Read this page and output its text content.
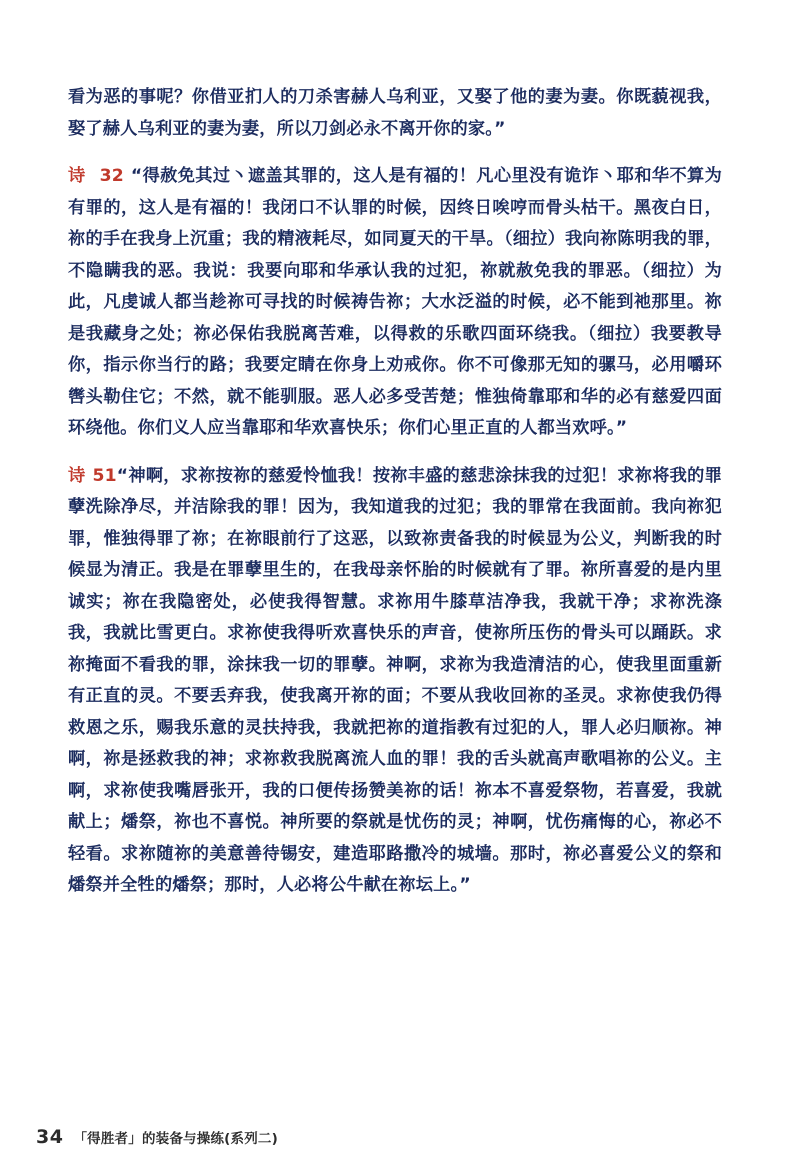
看为恶的事呢？你借亚扪人的刀杀害赫人乌利亚，又娶了他的妻为妻。你既藐视我，娶了赫人乌利亚的妻为妻，所以刀剑必永不离开你的家。”

诗 32 “得赦免其过丶遮盖其罪的，这人是有福的！凡心里没有诡诈丶耶和华不算为有罪的，这人是有福的！我闭口不认罪的时候，因终日唉哼而骨头枯干。黑夜白日，祢的手在我身上沉重；我的精液耗尽，如同夏天的干旱。（细拉）我向祢陈明我的罪，不隐瞒我的恶。我说：我要向耶和华承认我的过犯，祢就赦免我的罪恶。（细拉）为此，凡虔诚人都当趁祢可寻找的时候祷告祢；大水泛溢的时候，必不能到祂那里。祢是我藏身之处；祢必保佑我脱离苦难，以得救的乐歌四面环绕我。（细拉）我要教导你，指示你当行的路；我要定睛在你身上劝戒你。你不可像那无知的骡马，必用嚼环辔头勒住它；不然，就不能驯服。恶人必多受苦楚；惟独倚靠耶和华的必有慈爱四面环绕他。你们义人应当靠耶和华欢喜快乐；你们心里正直的人都当欢呼。”

诗 51“神啊，求祢按祢的慈爱怜恤我！按祢丰盛的慈悲涂抹我的过犯！求祢将我的罪孽洗除净尽，并洁除我的罪！因为，我知道我的过犯；我的罪常在我面前。我向祢犯罪，惟独得罪了祢；在祢眼前行了这恶，以致祢责备我的时候显为公义，判断我的时候显为清正。我是在罪孽里生的，在我母亲怀胎的时候就有了罪。祢所喜爱的是内里诚实；祢在我隐密处，必使我得智慧。求祢用牛膝草洁净我，我就干净；求祢洗涤我，我就比雪更白。求祢使我得听欢喜快乐的声音，使祢所压伤的骨头可以踊跃。求祢掩面不看我的罪，涂抹我一切的罪孽。神啊，求祢为我造清洁的心，使我里面重新有正直的灵。不要丢弃我，使我离开祢的面；不要从我收回祢的圣灵。求祢使我仍得救恩之乐，赐我乐意的灵扶持我，我就把祢的道指教有过犯的人，罪人必归顺祢。神啊，祢是拯救我的神；求祢救我脱离流人血的罪！我的舌头就高声歌唱祢的公义。主啊，求祢使我嘴唇张开，我的口便传扬赞美祢的话！祢本不喜爱祭物，若喜爱，我就献上；燔祭，祢也不喜悦。神所要的祭就是忧伤的灵；神啊，忧伤痛悔的心，祢必不轻看。求祢随祢的美意善待锡安，建造耶路撒冷的城墙。那时，祢必喜爱公义的祭和燔祭并全牲的燔祭；那时，人必将公牛献在祢坛上。”

34 「得胜者」的装备与操练(系列二)
